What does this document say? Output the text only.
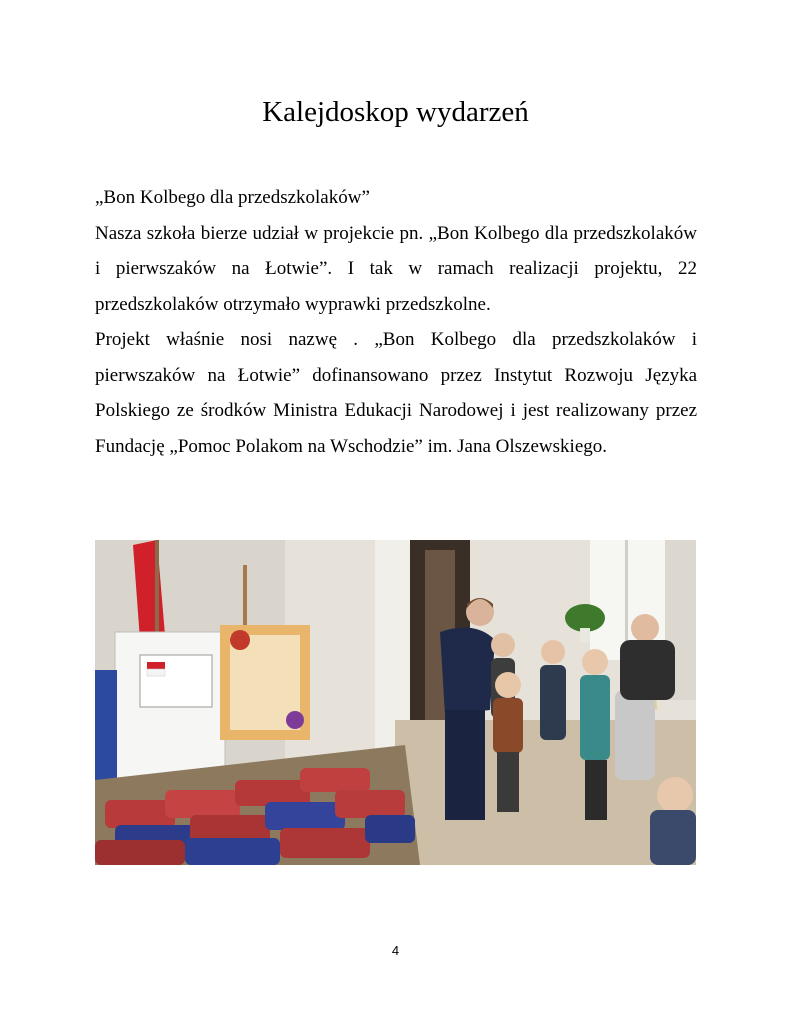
Kalejdoskop wydarzeń

„Bon Kolbego dla przedszkolaków”

Nasza szkoła bierze udział w projekcie pn. „Bon Kolbego dla przedszkolaków i pierwszaków na Łotwie”. I tak w ramach realizacji projektu, 22 przedszkolaków otrzymało wyprawki przedszkolne.

Projekt właśnie nosi nazwę . „Bon Kolbego dla przedszkolaków i pierwszaków na Łotwie” dofinansowano przez Instytut Rozwoju Języka Polskiego ze środków Ministra Edukacji Narodowej i jest realizowany przez Fundację „Pomoc Polakom na Wschodzie” im. Jana Olszewskiego.

4
